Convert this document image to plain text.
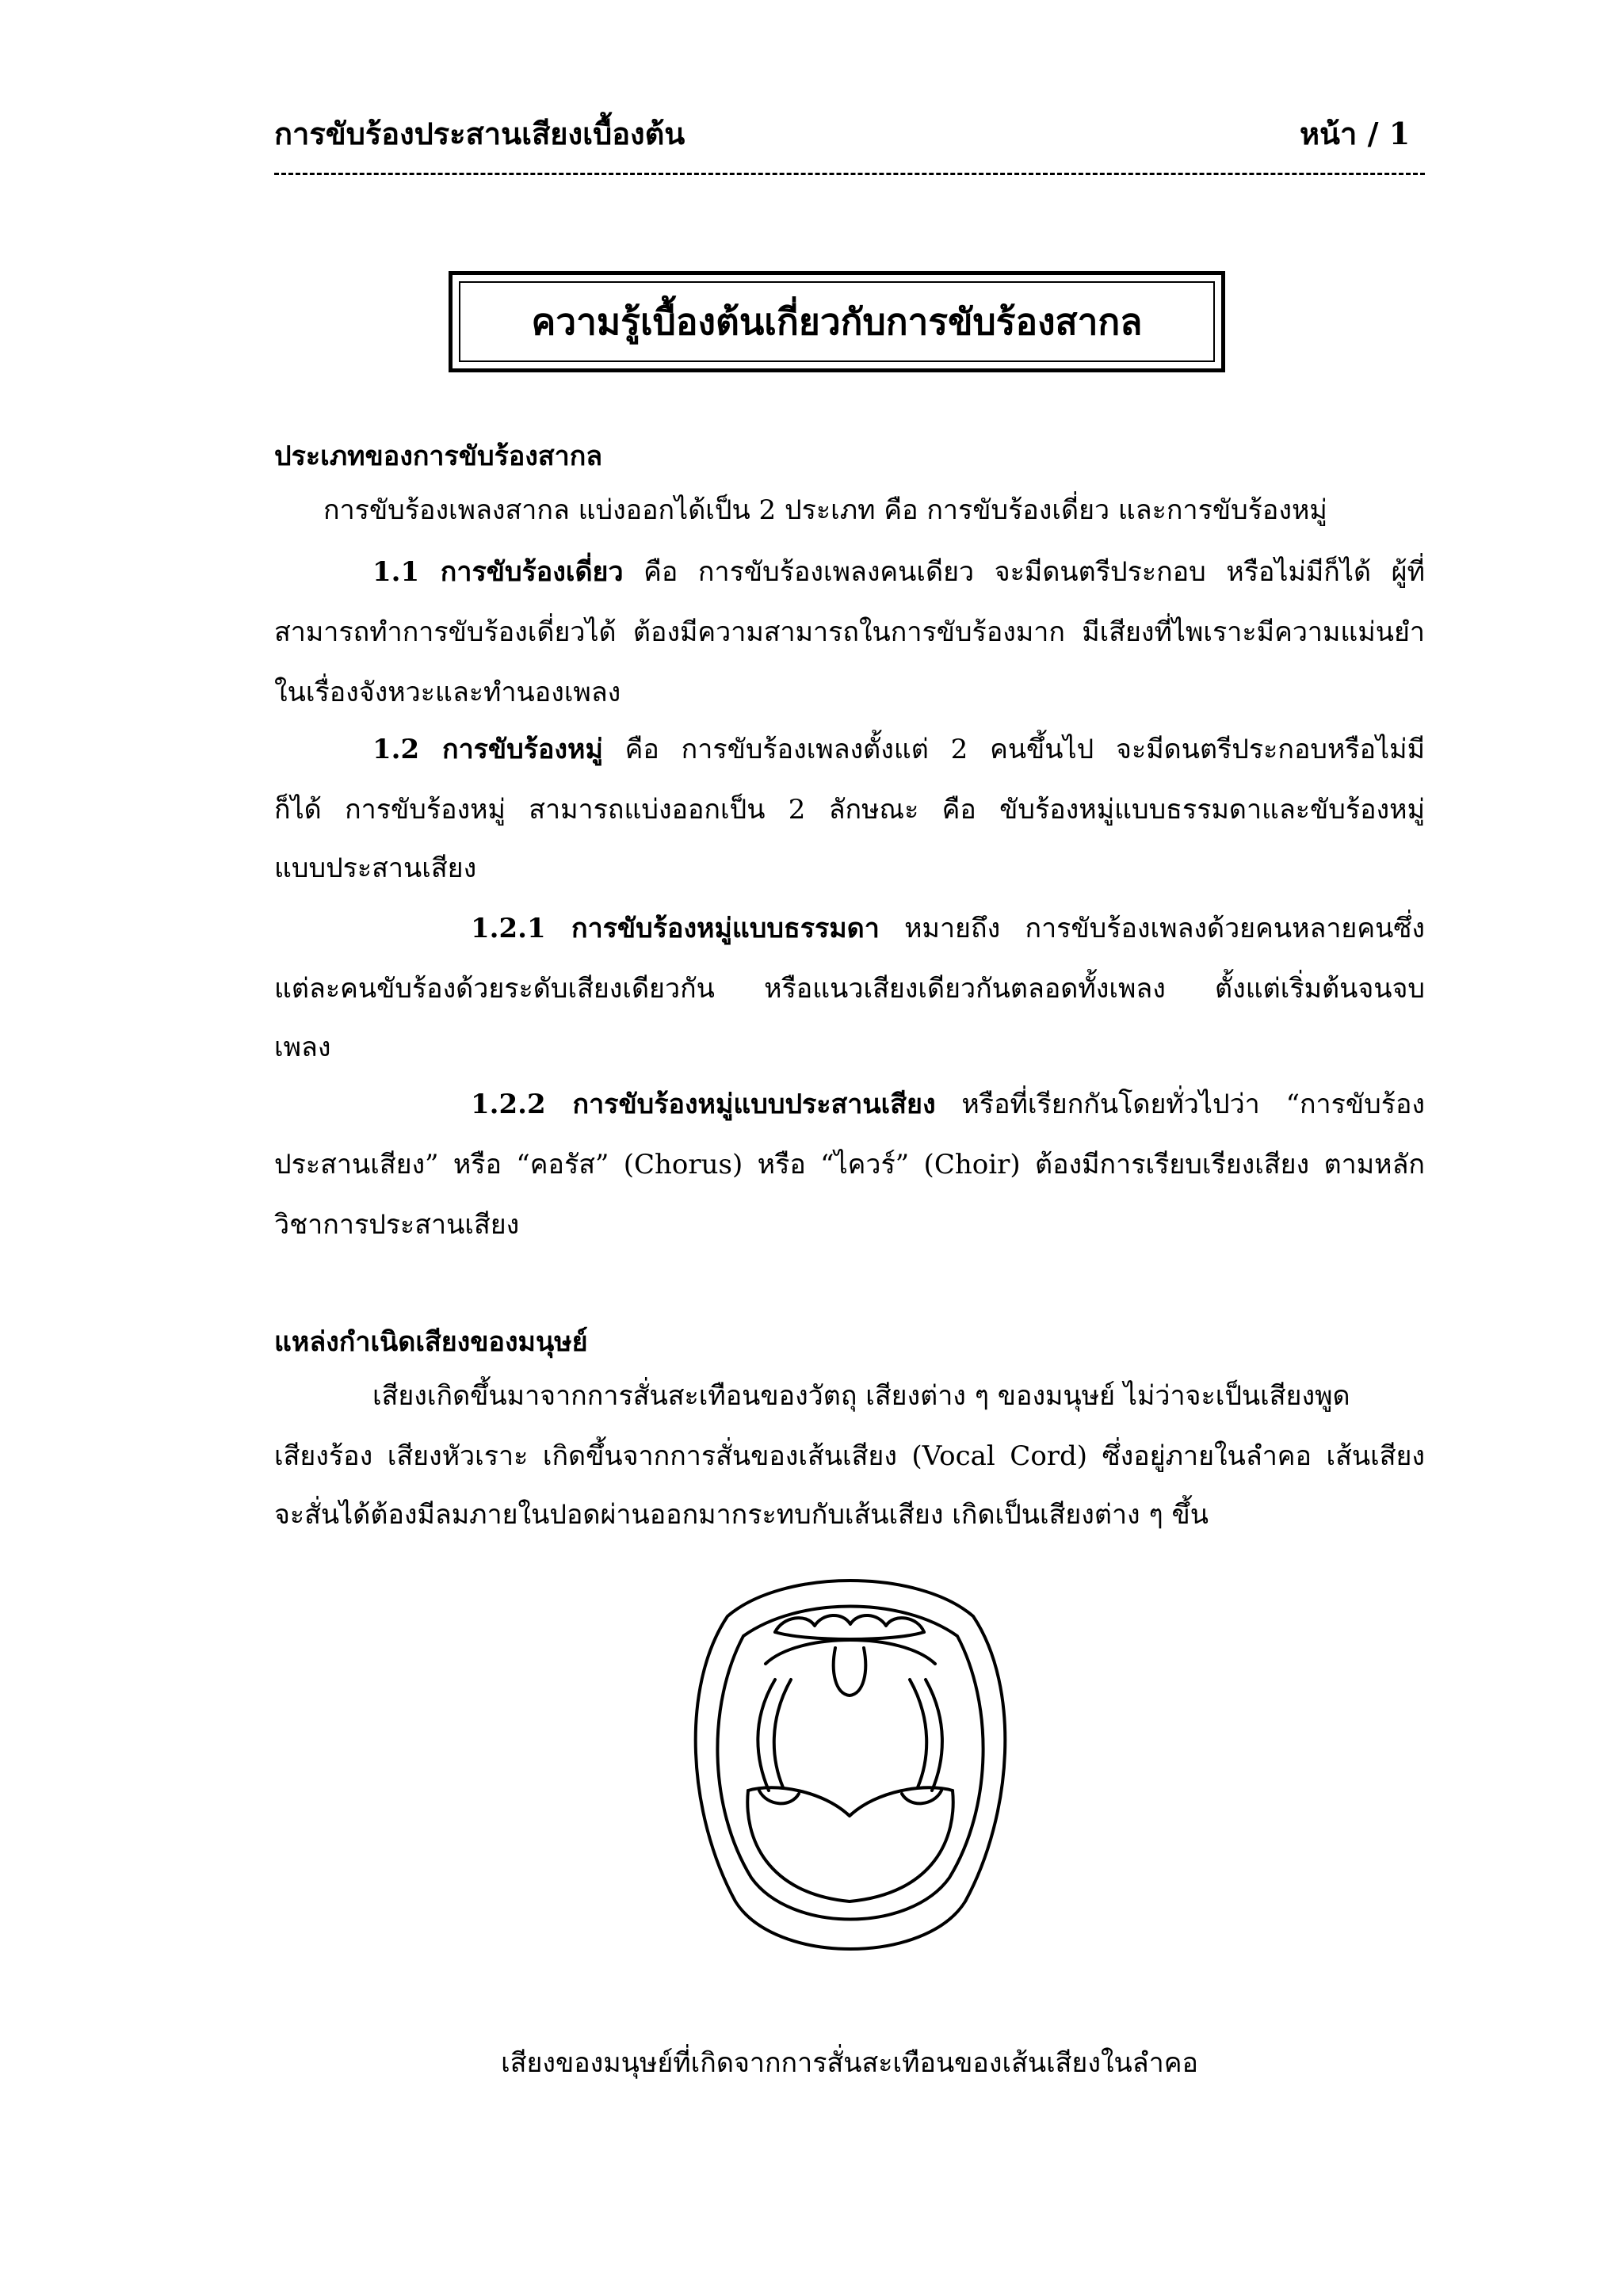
การขับร้องประสานเสียงเบื้องต้น	หน้า / 1
ความรู้เบื้องต้นเกี่ยวกับการขับร้องสากล
ประเภทของการขับร้องสากล
การขับร้องเพลงสากล แบ่งออกได้เป็น 2 ประเภท คือ การขับร้องเดี่ยว และการขับร้องหมู่
1.1 การขับร้องเดี่ยว คือ การขับร้องเพลงคนเดียว จะมีดนตรีประกอบ หรือไม่มีก็ได้ ผู้ที่
สามารถทำการขับร้องเดี่ยวได้ ต้องมีความสามารถในการขับร้องมาก มีเสียงที่ไพเราะมีความแม่นยำ
ในเรื่องจังหวะและทำนองเพลง
1.2 การขับร้องหมู่ คือ การขับร้องเพลงตั้งแต่ 2 คนขึ้นไป จะมีดนตรีประกอบหรือไม่มี
ก็ได้ การขับร้องหมู่ สามารถแบ่งออกเป็น 2 ลักษณะ คือ ขับร้องหมู่แบบธรรมดาและขับร้องหมู่
แบบประสานเสียง
1.2.1 การขับร้องหมู่แบบธรรมดา หมายถึง การขับร้องเพลงด้วยคนหลายคนซึ่ง
แต่ละคนขับร้องด้วยระดับเสียงเดียวกัน หรือแนวเสียงเดียวกันตลอดทั้งเพลง ตั้งแต่เริ่มต้นจนจบ
เพลง
1.2.2 การขับร้องหมู่แบบประสานเสียง หรือที่เรียกกันโดยทั่วไปว่า “การขับร้อง
ประสานเสียง” หรือ “คอรัส” (Chorus) หรือ “ไควร์” (Choir) ต้องมีการเรียบเรียงเสียง ตามหลัก
วิชาการประสานเสียง
แหล่งกำเนิดเสียงของมนุษย์
เสียงเกิดขึ้นมาจากการสั่นสะเทือนของวัตถุ เสียงต่าง ๆ ของมนุษย์ ไม่ว่าจะเป็นเสียงพูด
เสียงร้อง เสียงหัวเราะ เกิดขึ้นจากการสั่นของเส้นเสียง (Vocal Cord) ซึ่งอยู่ภายในลำคอ เส้นเสียง
จะสั่นได้ต้องมีลมภายในปอดผ่านออกมากระทบกับเส้นเสียง เกิดเป็นเสียงต่าง ๆ ขึ้น
เสียงของมนุษย์ที่เกิดจากการสั่นสะเทือนของเส้นเสียงในลำคอ
